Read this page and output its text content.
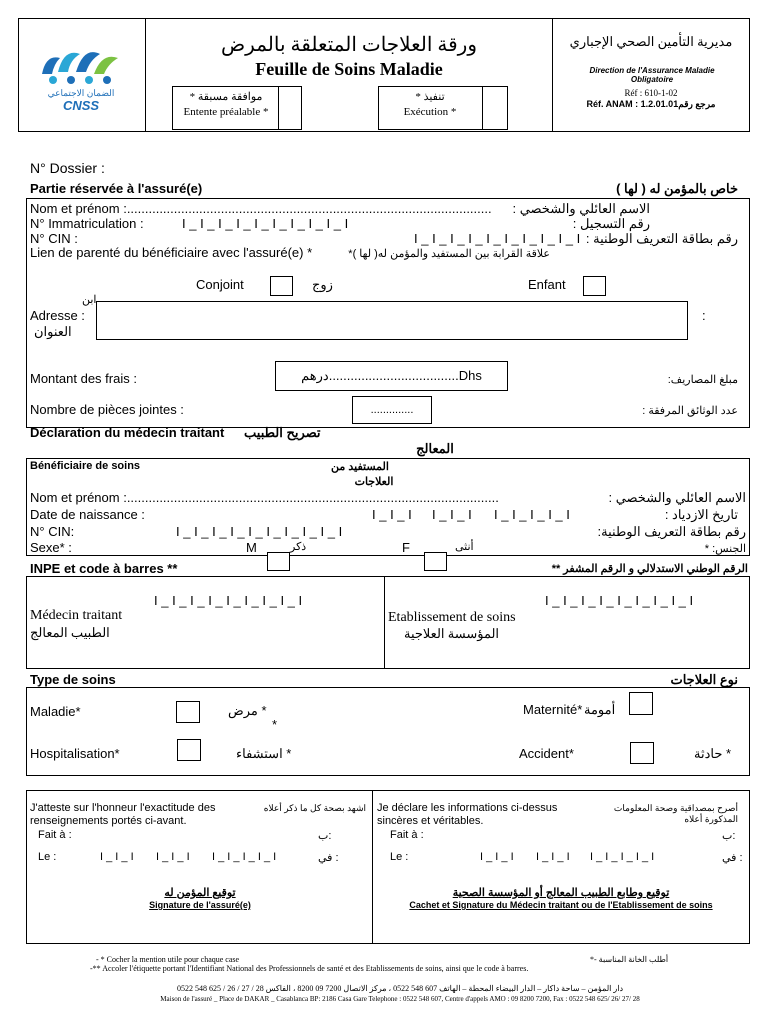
الضمان الاجتماعي
CNSS
ورقة العلاجات المتعلقة بالمرض
Feuille de Soins Maladie
* موافقة مسبقة
Entente préalable *
* تنفيذ
Exécution *
مديرية التأمين الصحي الإجباري
Direction de l'Assurance Maladie Obligatoire
Réf : 610-1-02
Réf. ANAM : 1.2.01.01مرجع رقم
N° Dossier :
Partie réservée à l'assuré(e)	خاص بالمؤمن له ( لها )
Nom et prénom :.....................................................................................................	الاسم العائلي والشخصي :
N° Immatriculation :	I _ I _ I _ I _ I _ I _ I _ I _ I _ I	رقم التسجيل :
N° CIN :	I _ I _ I _ I _ I _ I _ I _ I _ I _ I رقم بطاقة التعريف الوطنية :
Lien de parenté du bénéficiaire avec l'assuré(e) *	علاقة القرابة بين المستفيد والمؤمن له( لها )*
Conjoint	زوج	Enfant
ابن
Adresse :
العنوان
:
Montant des frais :	درهم....................................Dhs	مبلغ المصاريف:
Nombre de pièces jointes :	..............	عدد الوثائق المرفقة :
Déclaration du médecin traitant تصريح الطبيب
المعالج
Bénéficiaire de soins	المستفيد من
العلاجات
Nom et prénom :.......................................................................................................	الاسم العائلي والشخصي :
Date de naissance :	I _ I _ I I _ I _ I I _ I _ I _ I _ I	تاريخ الازدياد :
N° CIN:	I _ I _ I _ I _ I _ I _ I _ I _ I _ I	رقم بطاقة التعريف الوطنية:
Sexe* :	M	ذكر	F	أنثى	الجنس: *
INPE et code à barres **	الرقم الوطني الاستدلالي و الرقم المشفر **
I _ I _ I _ I _ I _ I _ I _ I _ I
Médecin traitant
الطبيب المعالج
I _ I _ I _ I _ I _ I _ I _ I _ I
Etablissement de soins
المؤسسة العلاجية
Type de soins	نوع العلاجات
Maladie*	مرض *
*
Maternité* أمومة
Hospitalisation*	استشفاء *	Accident*	حادثة *
J'atteste sur l'honneur l'exactitude des renseignements portés ci-avant.
اشهد بصحة كل ما ذكر أعلاه
Fait à :	ب:
Le :	I _ I _ I I _ I _ I I _ I _ I _ I _ I	في :
توقيع المؤمن له
Signature de l'assuré(e)
Je déclare les informations ci-dessus sincères et véritables.
أصرح بمصداقية وصحة المعلومات المذكورة أعلاه
Fait à :	ب:
Le :	I _ I _ I I _ I _ I I _ I _ I _ I _ I	في :
توقيع وطابع الطبيب المعالج أو المؤسسة الصحية
Cachet et Signature du Médecin traitant ou de l'Etablissement de soins
- * Cocher la mention utile pour chaque case	*- أطلب الخانة المناسبة
-** Accoler l'étiquette portant l'Identifiant National des Professionnels de santé et des Etablissements de soins, ainsi que le code à barres.
دار المؤمن – ساحة داكار – الدار البيضاء المحطة – الهاتف 607 548 0522 ، مركز الاتصال 7200 09 8200 ، الفاكس 28 / 27 / 26 / 625 548 0522
Maison de l'assuré _ Place de DAKAR _ Casablanca BP: 2186 Casa Gare Telephone : 0522 548 607, Centre d'appels AMO : 09 8200 7200, Fax : 0522 548 625/ 26/ 27/ 28
